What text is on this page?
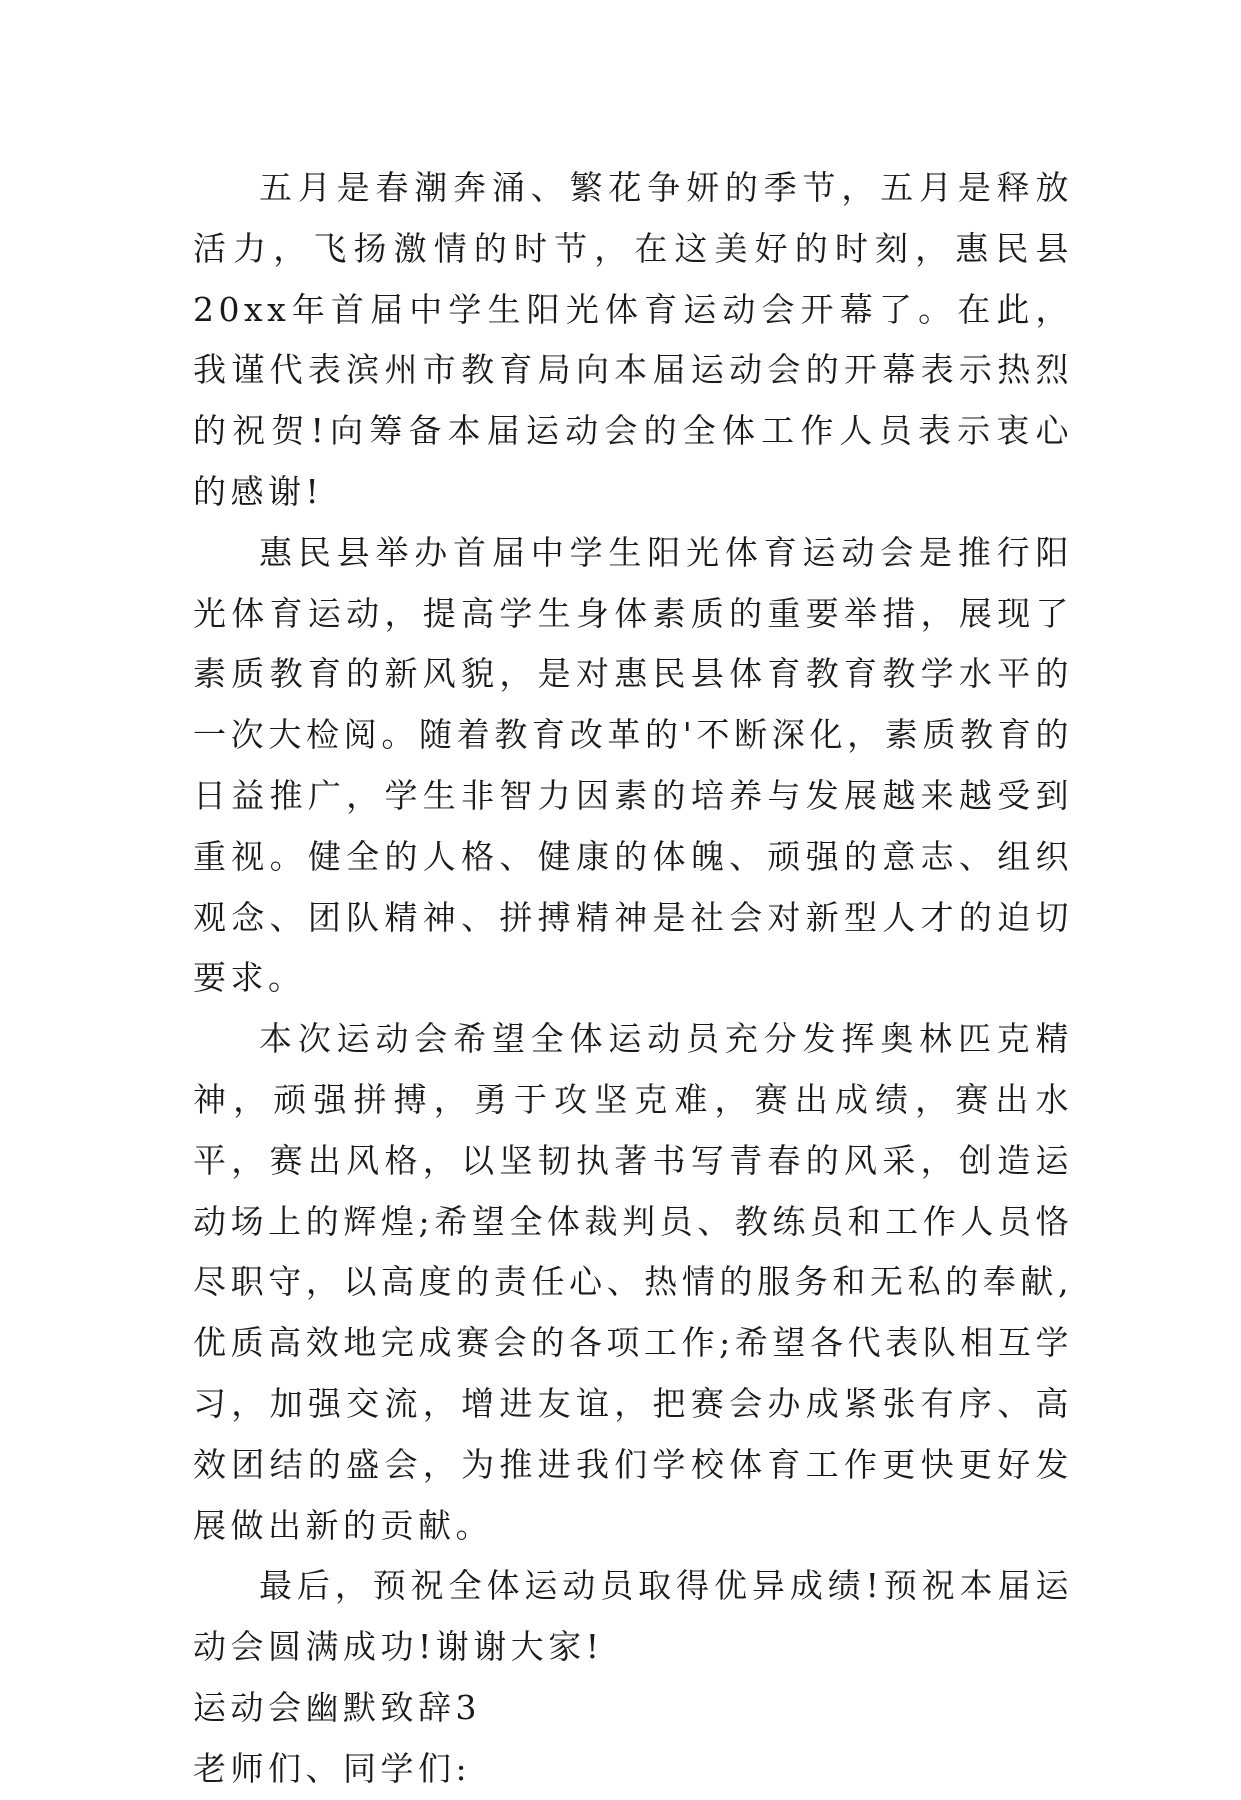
五月是春潮奔涌、繁花争妍的季节，五月是释放活力，飞扬激情的时节，在这美好的时刻，惠民县20xx年首届中学生阳光体育运动会开幕了。在此，我谨代表滨州市教育局向本届运动会的开幕表示热烈的祝贺!向筹备本届运动会的全体工作人员表示衷心的感谢!

惠民县举办首届中学生阳光体育运动会是推行阳光体育运动，提高学生身体素质的重要举措，展现了素质教育的新风貌，是对惠民县体育教育教学水平的一次大检阅。随着教育改革的'不断深化，素质教育的日益推广，学生非智力因素的培养与发展越来越受到重视。健全的人格、健康的体魄、顽强的意志、组织观念、团队精神、拼搏精神是社会对新型人才的迫切要求。

本次运动会希望全体运动员充分发挥奥林匹克精神，顽强拼搏，勇于攻坚克难，赛出成绩，赛出水平，赛出风格，以坚韧执著书写青春的风采，创造运动场上的辉煌;希望全体裁判员、教练员和工作人员恪尽职守，以高度的责任心、热情的服务和无私的奉献,优质高效地完成赛会的各项工作;希望各代表队相互学习，加强交流，增进友谊，把赛会办成紧张有序、高效团结的盛会，为推进我们学校体育工作更快更好发展做出新的贡献。

最后，预祝全体运动员取得优异成绩!预祝本届运动会圆满成功!谢谢大家!

运动会幽默致辞3

老师们、同学们:
